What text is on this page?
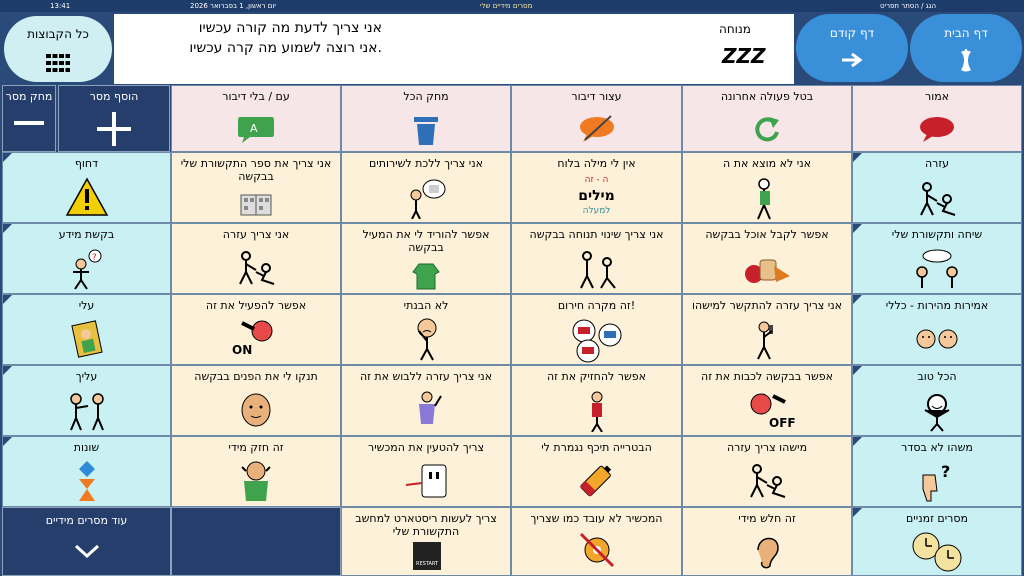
13:41	יום ראשון, 1 בפברואר 2026	מסרים מידיים שלי	הגג / הסתר תפריט
כל הקבוצות	אני צריך לדעת מה קורה עכשיו
אני רוצה לשמוע מה קרה עכשיו.
מנוחה
ZZZ
דף קודם	דף הבית
מחק מסר	הוסף מסר	עם / בלי דיבור
A
מחק הכל	עצור דיבור	בטל פעולה אחרונה	אמור
עזרה
שיחה ותקשורת שלי
אמירות מהירות - כללי
הכל טוב
משהו לא בסדר
?
מסרים זמניים
אני לא מוצא את ה
אין לי מילה בלוח
ה - זה
מילים
למעלה
אני צריך ללכת לשירותים
אני צריך את ספר התקשורת שלי בבקשה
אפשר לקבל אוכל בבקשה
אני צריך שינוי תנוחה בבקשה
אפשר להוריד לי את המעיל בבקשה
אני צריך עזרה
אני צריך עזרה להתקשר למישהו
זה מקרה חירום!
לא הבנתי
אפשר להפעיל את זה
ON
אפשר בבקשה לכבות את זה
OFF
אפשר להחזיק את זה
אני צריך עזרה ללבוש את זה
תנקו לי את הפנים בבקשה
מישהו צריך עזרה
הבטרייה תיכף נגמרת לי
צריך להטעין את המכשיר
זה חזק מידי
זה חלש מידי
המכשיר לא עובד כמו שצריך
צריך לעשות ריסטארט למחשב התקשורת שלי
RESTART
דחוף
בקשת מידע
?
עלי
עליך
שונות
עוד מסרים מידיים
